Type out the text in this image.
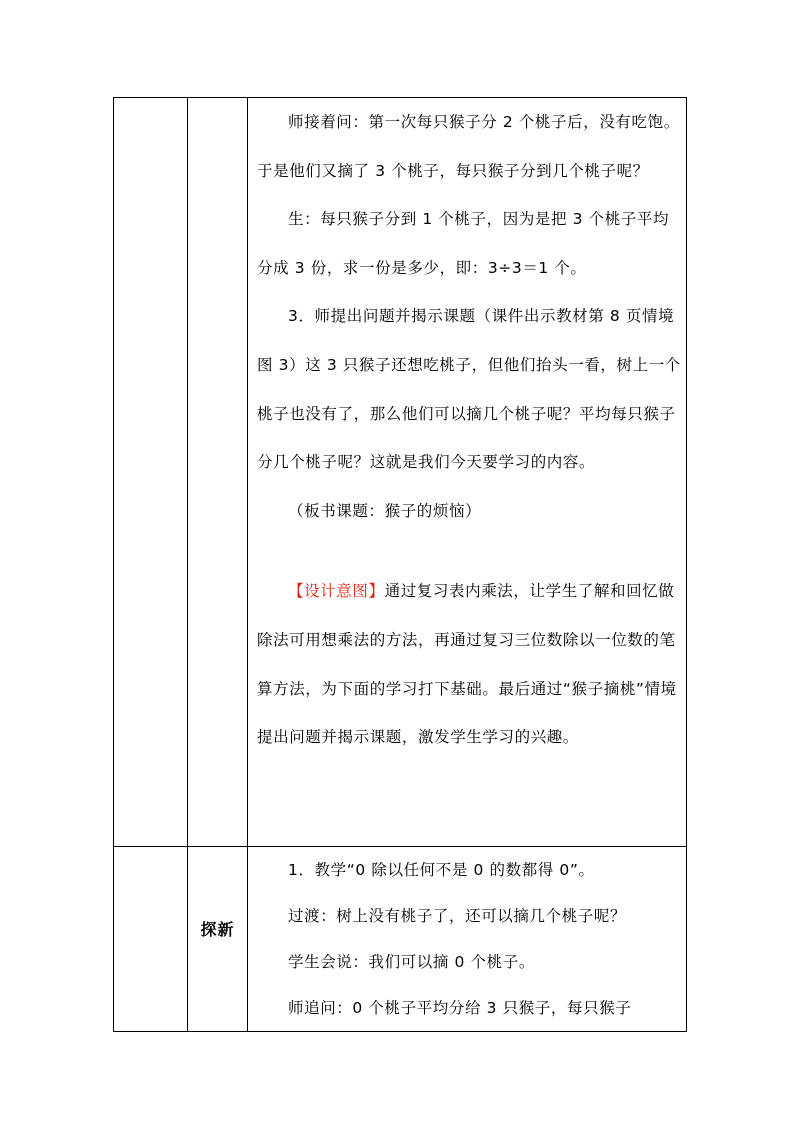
		师接着问：第一次每只猴子分 2 个桃子后，没有吃饱。于是他们又摘了 3 个桃子，每只猴子分到几个桃子呢？

生：每只猴子分到 1 个桃子，因为是把 3 个桃子平均分成 3 份，求一份是多少，即：3÷3＝1 个。

3．师提出问题并揭示课题（课件出示教材第 8 页情境图 3）这 3 只猴子还想吃桃子，但他们抬头一看，树上一个桃子也没有了，那么他们可以摘几个桃子呢？平均每只猴子分几个桃子呢？这就是我们今天要学习的内容。

（板书课题：猴子的烦恼）

【设计意图】通过复习表内乘法，让学生了解和回忆做除法可用想乘法的方法，再通过复习三位数除以一位数的笔算方法，为下面的学习打下基础。最后通过“猴子摘桃”情境提出问题并揭示课题，激发学生学习的兴趣。

	探新	1．教学“0 除以任何不是 0 的数都得 0”。

过渡：树上没有桃子了，还可以摘几个桃子呢？

学生会说：我们可以摘 0 个桃子。

师追问：0 个桃子平均分给 3 只猴子，每只猴子
